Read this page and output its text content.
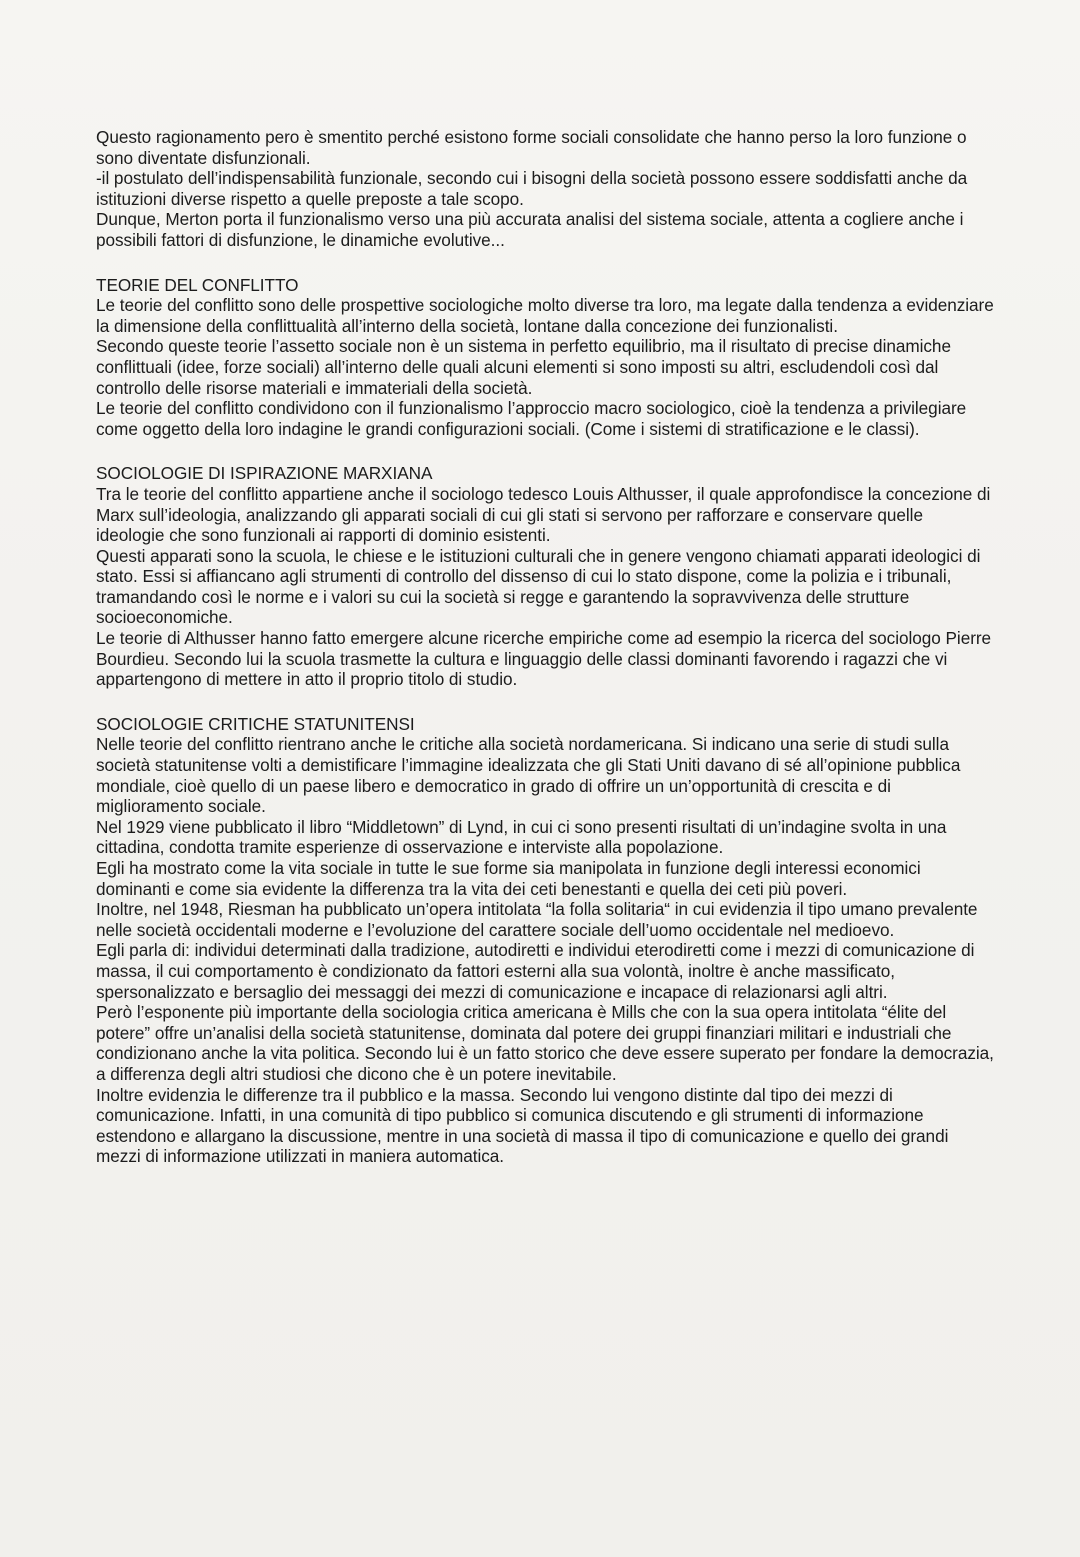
Questo ragionamento pero è smentito perché esistono forme sociali consolidate che hanno perso la loro funzione o sono diventate disfunzionali.

-il postulato dell’indispensabilità funzionale, secondo cui i bisogni della società possono essere soddisfatti anche da istituzioni diverse rispetto a quelle preposte a tale scopo.

Dunque, Merton porta il funzionalismo verso una più accurata analisi del sistema sociale, attenta a cogliere anche i possibili fattori di disfunzione, le dinamiche evolutive...

TEORIE DEL CONFLITTO

Le teorie del conflitto sono delle prospettive sociologiche molto diverse tra loro, ma legate dalla tendenza a evidenziare la dimensione della conflittualità all’interno della società, lontane dalla concezione dei funzionalisti.

Secondo queste teorie l’assetto sociale non è un sistema in perfetto equilibrio, ma il risultato di precise dinamiche conflittuali (idee, forze sociali) all’interno delle quali alcuni elementi si sono imposti su altri, escludendoli così dal controllo delle risorse materiali e immateriali della società.

Le teorie del conflitto condividono con il funzionalismo l’approccio macro sociologico, cioè la tendenza a privilegiare come oggetto della loro indagine le grandi configurazioni sociali. (Come i sistemi di stratificazione e le classi).

SOCIOLOGIE DI ISPIRAZIONE MARXIANA

Tra le teorie del conflitto appartiene anche il sociologo tedesco Louis Althusser, il quale approfondisce la concezione di Marx sull’ideologia, analizzando gli apparati sociali di cui gli stati si servono per rafforzare e conservare quelle ideologie che sono funzionali ai rapporti di dominio esistenti.

Questi apparati sono la scuola, le chiese e le istituzioni culturali che in genere vengono chiamati apparati ideologici di stato. Essi si affiancano agli strumenti di controllo del dissenso di cui lo stato dispone, come la polizia e i tribunali, tramandando così le norme e i valori su cui la società si regge e garantendo la sopravvivenza delle strutture socioeconomiche.

Le teorie di Althusser hanno fatto emergere alcune ricerche empiriche come ad esempio la ricerca del sociologo Pierre Bourdieu. Secondo lui la scuola trasmette la cultura e linguaggio delle classi dominanti favorendo i ragazzi che vi appartengono di mettere in atto il proprio titolo di studio.

SOCIOLOGIE CRITICHE STATUNITENSI

Nelle teorie del conflitto rientrano anche le critiche alla società nordamericana. Si indicano una serie di studi sulla società statunitense volti a demistificare l’immagine idealizzata che gli Stati Uniti davano di sé all’opinione pubblica mondiale, cioè quello di un paese libero e democratico in grado di offrire un un’opportunità di crescita e di miglioramento sociale.

Nel 1929 viene pubblicato il libro “Middletown” di Lynd, in cui ci sono presenti risultati di un’indagine svolta in una cittadina, condotta tramite esperienze di osservazione e interviste alla popolazione.

Egli ha mostrato come la vita sociale in tutte le sue forme sia manipolata in funzione degli interessi economici dominanti e come sia evidente la differenza tra la vita dei ceti benestanti e quella dei ceti più poveri.

Inoltre, nel 1948, Riesman ha pubblicato un’opera intitolata “la folla solitaria“ in cui evidenzia il tipo umano prevalente nelle società occidentali moderne e l’evoluzione del carattere sociale dell’uomo occidentale nel medioevo.

Egli parla di: individui determinati dalla tradizione, autodiretti e individui eterodiretti come i mezzi di comunicazione di massa, il cui comportamento è condizionato da fattori esterni alla sua volontà, inoltre è anche massificato, spersonalizzato e bersaglio dei messaggi dei mezzi di comunicazione e incapace di relazionarsi agli altri.

Però l’esponente più importante della sociologia critica americana è Mills che con la sua opera intitolata “élite del potere” offre un’analisi della società statunitense, dominata dal potere dei gruppi finanziari militari e industriali che condizionano anche la vita politica. Secondo lui è un fatto storico che deve essere superato per fondare la democrazia, a differenza degli altri studiosi che dicono che è un potere inevitabile.

Inoltre evidenzia le differenze tra il pubblico e la massa. Secondo lui vengono distinte dal tipo dei mezzi di comunicazione. Infatti, in una comunità di tipo pubblico si comunica discutendo e gli strumenti di informazione estendono e allargano la discussione, mentre in una società di massa il tipo di comunicazione e quello dei grandi mezzi di informazione utilizzati in maniera automatica.
